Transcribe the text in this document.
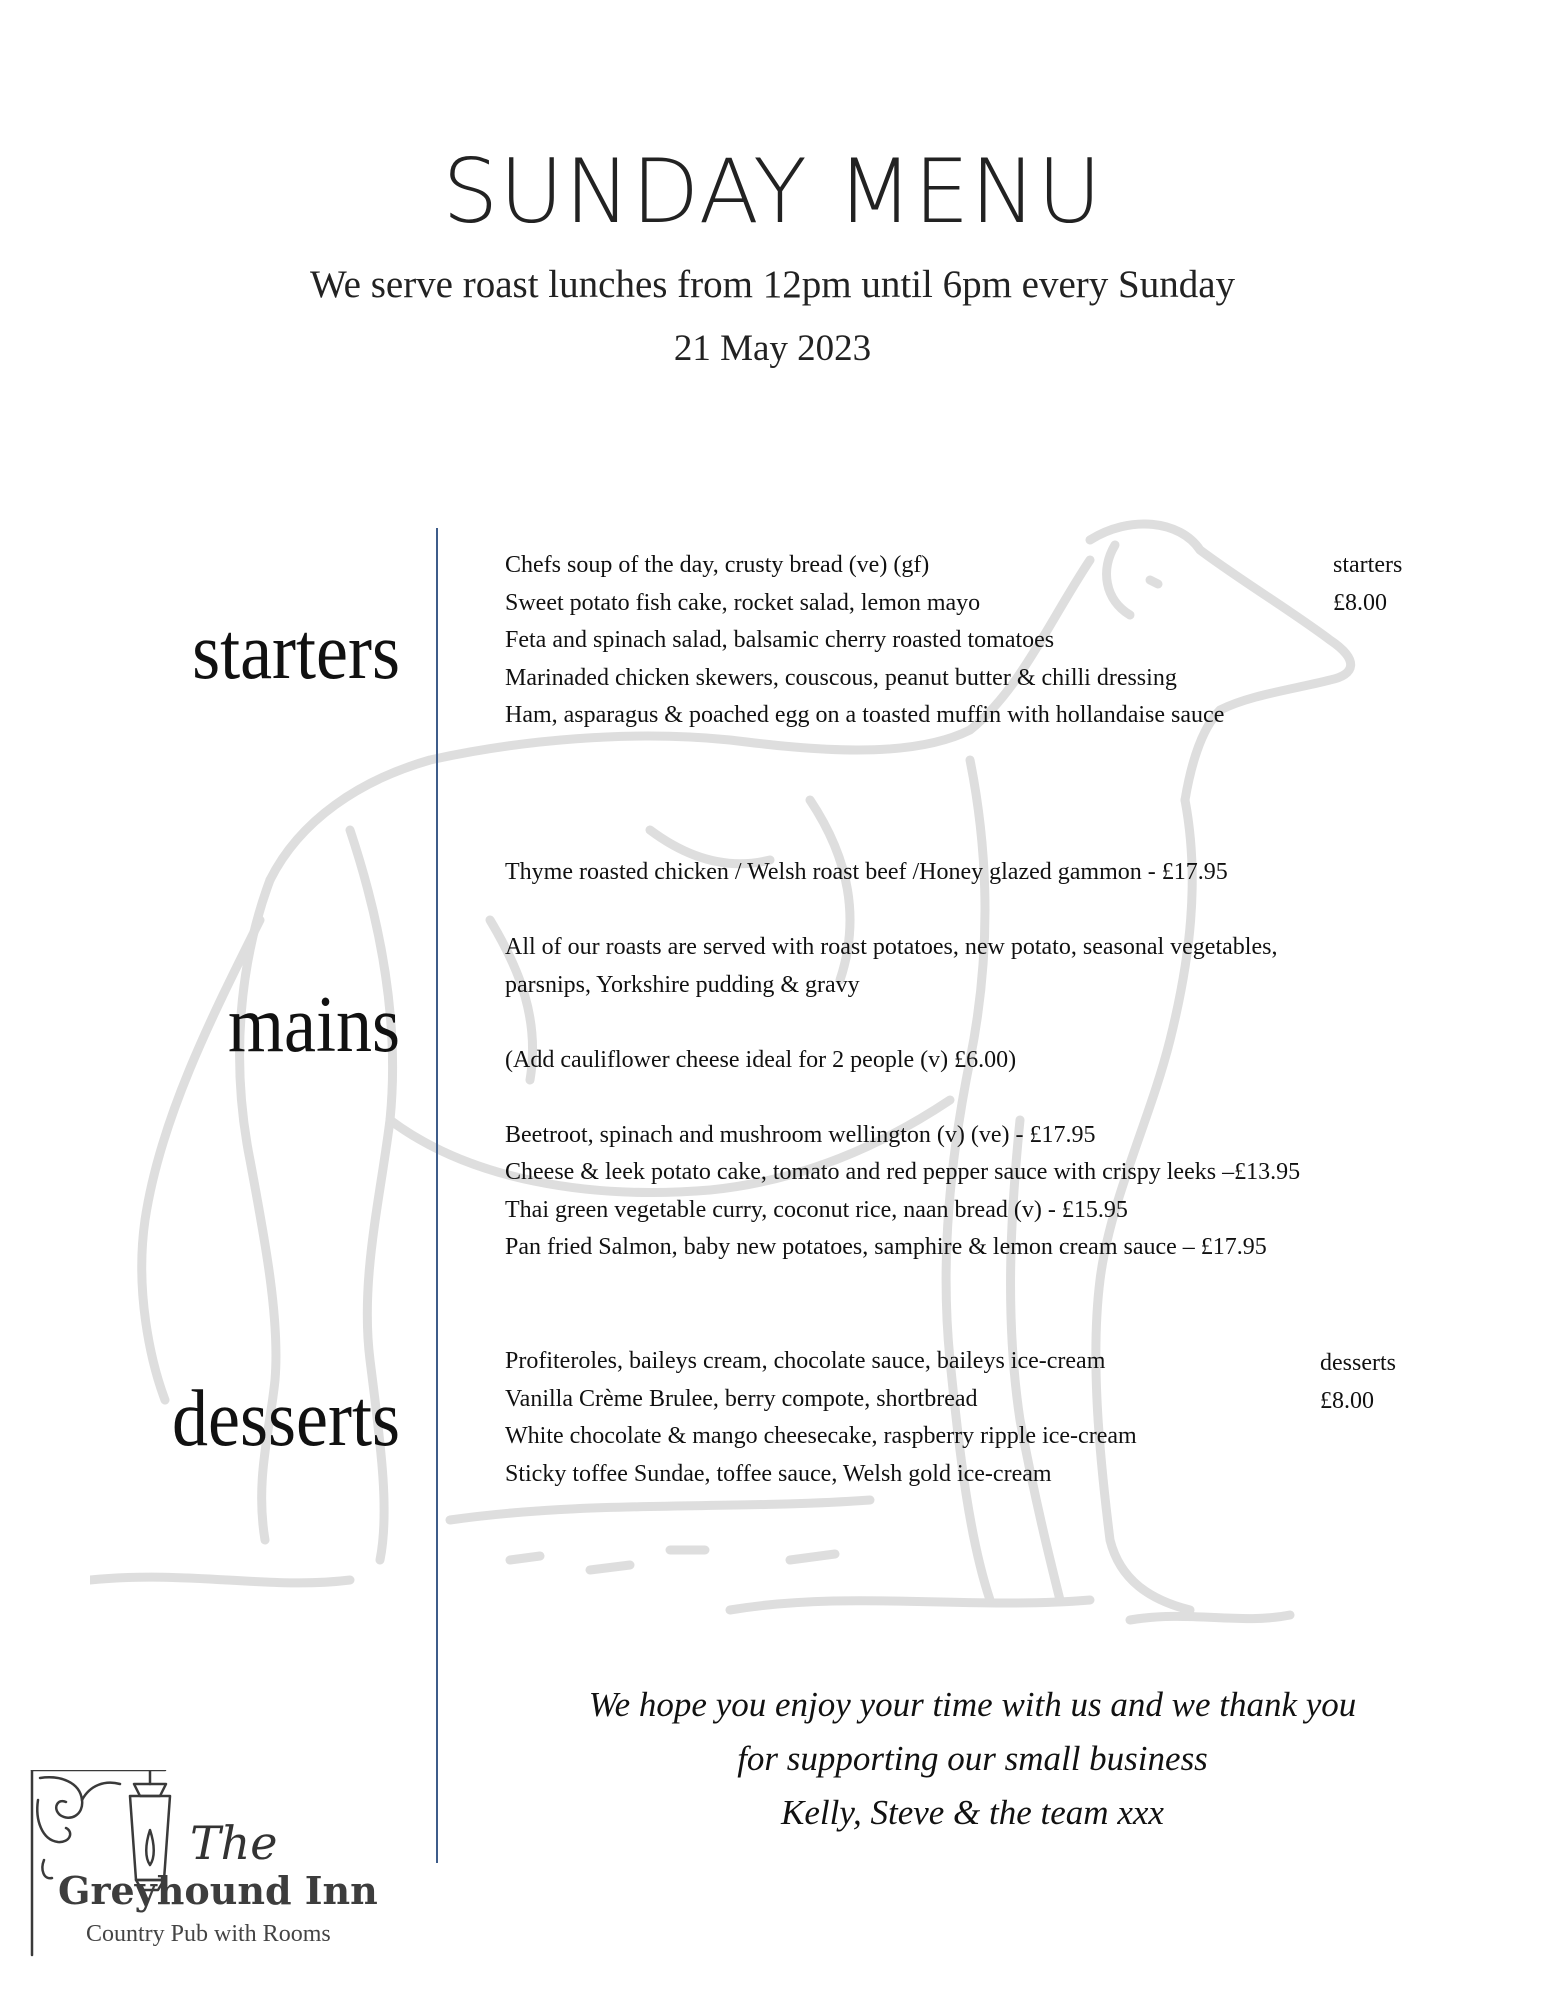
SUNDAY MENU
We serve roast lunches from 12pm until 6pm every Sunday
21 May 2023
starters
Chefs soup of the day, crusty bread (ve) (gf)
Sweet potato fish cake, rocket salad, lemon mayo
Feta and spinach salad, balsamic cherry roasted tomatoes
Marinaded chicken skewers, couscous, peanut butter & chilli dressing
Ham, asparagus & poached egg on a toasted muffin with hollandaise sauce
starters
£8.00
mains
Thyme roasted chicken / Welsh roast beef /Honey glazed gammon - £17.95
All of our roasts are served with roast potatoes, new potato, seasonal vegetables,
parsnips, Yorkshire pudding & gravy
(Add cauliflower cheese ideal for 2 people (v) £6.00)
Beetroot, spinach and mushroom wellington (v) (ve) - £17.95
Cheese & leek potato cake, tomato and red pepper sauce with crispy leeks –£13.95
Thai green vegetable curry, coconut rice, naan bread (v) - £15.95
Pan fried Salmon, baby new potatoes, samphire & lemon cream sauce – £17.95
desserts
Profiteroles, baileys cream, chocolate sauce, baileys ice-cream
Vanilla Crème Brulee, berry compote, shortbread
White chocolate & mango cheesecake, raspberry ripple ice-cream
Sticky toffee Sundae, toffee sauce, Welsh gold ice-cream
desserts
£8.00
We hope you enjoy your time with us and we thank you
for supporting our small business
Kelly, Steve & the team xxx
The
Greyhound Inn
Country Pub with Rooms
